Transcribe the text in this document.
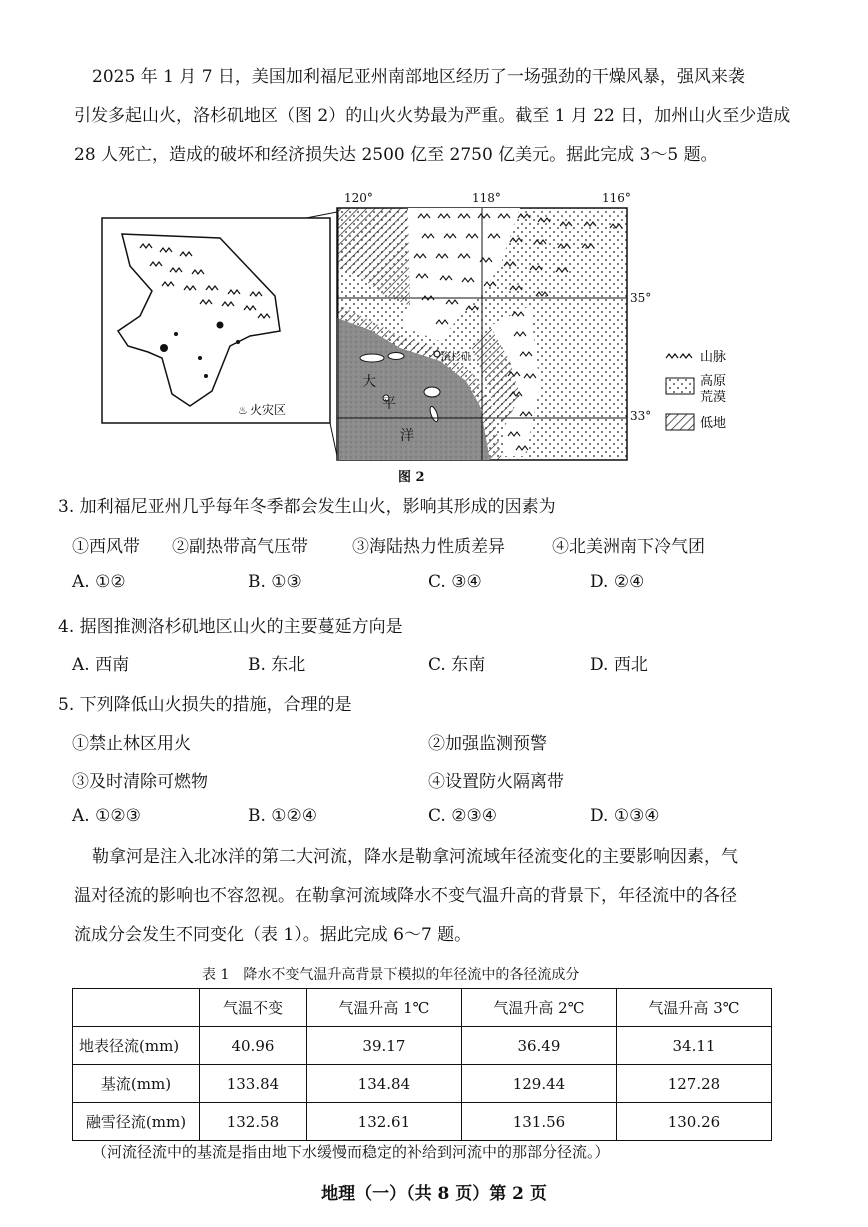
2025 年 1 月 7 日，美国加利福尼亚州南部地区经历了一场强劲的干燥风暴，强风来袭
引发多起山火，洛杉矶地区（图 2）的山火火势最为严重。截至 1 月 22 日，加州山火至少造成
28 人死亡，造成的破坏和经济损失达 2500 亿至 2750 亿美元。据此完成 3～5 题。
♨ 火灾区
120°	118°	116°
35°
33°
洛杉矶
大
平
洋
山脉
高原
荒漠
低地
图 2
3. 加利福尼亚州几乎每年冬季都会发生山火，影响其形成的因素为
①西风带 ②副热带高气压带	③海陆热力性质差异	④北美洲南下冷气团
A. ①②	B. ①③	C. ③④	D. ②④
4. 据图推测洛杉矶地区山火的主要蔓延方向是
A. 西南	B. 东北	C. 东南	D. 西北
5. 下列降低山火损失的措施，合理的是
①禁止林区用火	②加强监测预警
③及时清除可燃物	④设置防火隔离带
A. ①②③	B. ①②④	C. ②③④	D. ①③④
勒拿河是注入北冰洋的第二大河流，降水是勒拿河流域年径流变化的主要影响因素，气
温对径流的影响也不容忽视。在勒拿河流域降水不变气温升高的背景下，年径流中的各径
流成分会发生不同变化（表 1）。据此完成 6～7 题。
表 1　降水不变气温升高背景下模拟的年径流中的各径流成分
	气温不变	气温升高 1℃	气温升高 2℃	气温升高 3℃
地表径流(mm)	40.96	39.17	36.49	34.11
基流(mm)	133.84	134.84	129.44	127.28
融雪径流(mm)	132.58	132.61	131.56	130.26
（河流径流中的基流是指由地下水缓慢而稳定的补给到河流中的那部分径流。）
地理（一）（共 8 页）第 2 页
